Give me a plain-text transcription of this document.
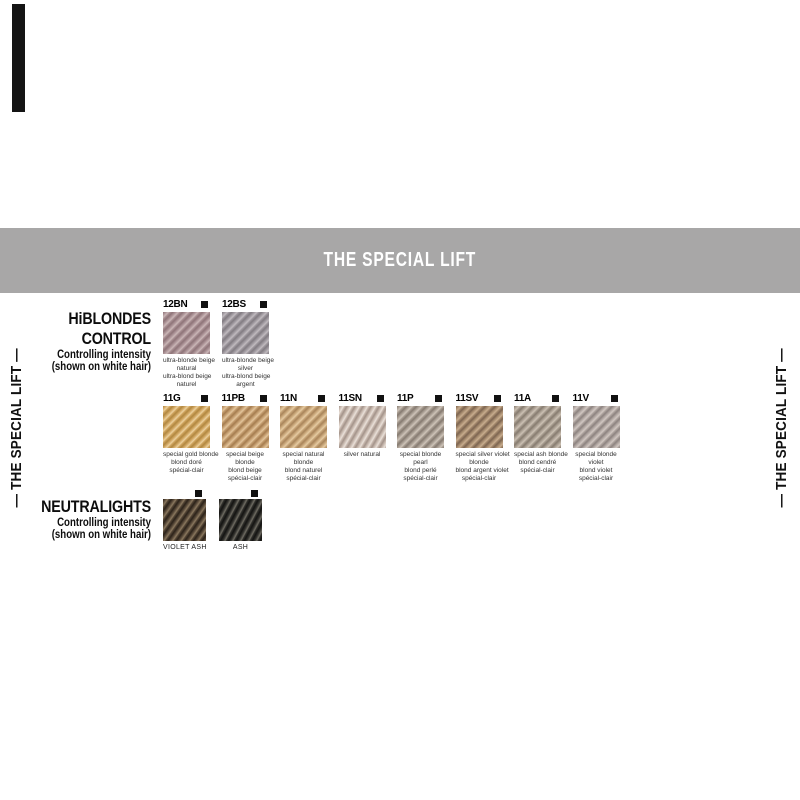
THE SPECIAL LIFT
— THE SPECIAL LIFT —	— THE SPECIAL LIFT —
HiBLONDES
CONTROL
Controlling intensity
(shown on white hair)
12BN
ultra-blonde beige
natural
ultra-blond beige
naturel
12BS
ultra-blonde beige
silver
ultra-blond beige
argent
11G
special gold blonde
blond doré
spécial-clair
11PB
special beige
blonde
blond beige
spécial-clair
11N
special natural
blonde
blond naturel
spécial-clair
11SN
silver natural
11P
special blonde
pearl
blond perlé
spécial-clair
11SV
special silver violet
blonde
blond argent violet
spécial-clair
11A
special ash blonde
blond cendré
spécial-clair
11V
special blonde
violet
blond violet
spécial-clair
NEUTRALIGHTS
Controlling intensity
(shown on white hair)
VIOLET ASH	ASH
